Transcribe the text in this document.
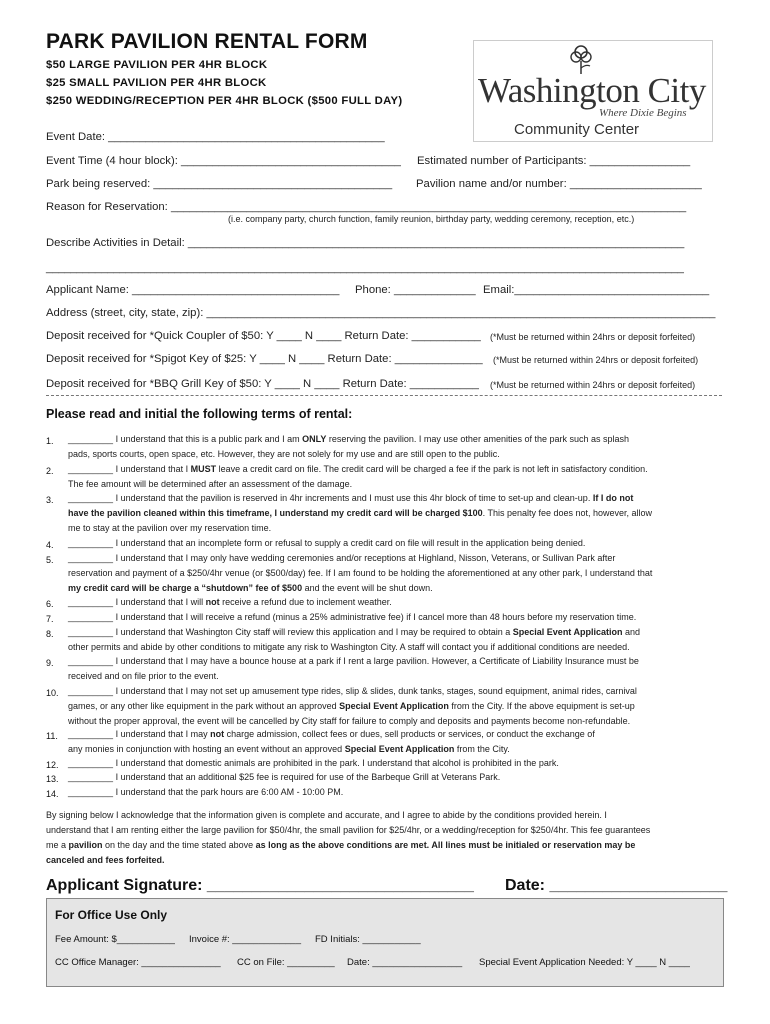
PARK PAVILION RENTAL FORM
$50 LARGE PAVILION PER 4HR BLOCK
$25 SMALL PAVILION PER 4HR BLOCK
$250 WEDDING/RECEPTION PER 4HR BLOCK ($500 FULL DAY) Washington City
Where Dixie Begins
Community Center
Event Date: ____________________________________________
Event Time (4 hour block): ___________________________________ Estimated number of Participants: ________________
Park being reserved: ______________________________________ Pavilion name and/or number: _____________________
Reason for Reservation: __________________________________________________________________________________
(i.e. company party, church function, family reunion, birthday party, wedding ceremony, reception, etc.)
Describe Activities in Detail: _______________________________________________________________________________
________________________________________________________________________________________________________
Applicant Name: _________________________________ Phone: _____________ Email:_______________________________
Address (street, city, state, zip): _________________________________________________________________________________
Deposit received for *Quick Coupler of $50: Y ____ N ____ Return Date: ___________ (*Must be returned within 24hrs or deposit forfeited)
Deposit received for *Spigot Key of $25: Y ____ N ____ Return Date: ______________ (*Must be returned within 24hrs or deposit forfeited)
Deposit received for *BBQ Grill Key of $50: Y ____ N ____ Return Date: ___________ (*Must be returned within 24hrs or deposit forfeited)
Please read and initial the following terms of rental:
1.	_________ I understand that this is a public park and I am ONLY reserving the pavilion. I may use other amenities of the park such as splash
pads, sports courts, open space, etc. However, they are not solely for my use and are still open to the public.
2.	_________ I understand that I MUST leave a credit card on file. The credit card will be charged a fee if the park is not left in satisfactory condition.
The fee amount will be determined after an assessment of the damage.
3.	_________ I understand that the pavilion is reserved in 4hr increments and I must use this 4hr block of time to set-up and clean-up. If I do not
have the pavilion cleaned within this timeframe, I understand my credit card will be charged $100. This penalty fee does not, however, allow
me to stay at the pavilion over my reservation time.
4.	_________ I understand that an incomplete form or refusal to supply a credit card on file will result in the application being denied.
5.	_________ I understand that I may only have wedding ceremonies and/or receptions at Highland, Nisson, Veterans, or Sullivan Park after
reservation and payment of a $250/4hr venue (or $500/day) fee. If I am found to be holding the aforementioned at any other park, I understand that
my credit card will be charge a “shutdown” fee of $500 and the event will be shut down.
6.	_________ I understand that I will not receive a refund due to inclement weather.
7.	_________ I understand that I will receive a refund (minus a 25% administrative fee) if I cancel more than 48 hours before my reservation time.
8.	_________ I understand that Washington City staff will review this application and I may be required to obtain a Special Event Application and
other permits and abide by other conditions to mitigate any risk to Washington City. A staff will contact you if additional conditions are needed.
9.	_________ I understand that I may have a bounce house at a park if I rent a large pavilion. However, a Certificate of Liability Insurance must be
received and on file prior to the event.
10.	_________ I understand that I may not set up amusement type rides, slip & slides, dunk tanks, stages, sound equipment, animal rides, carnival
games, or any other like equipment in the park without an approved Special Event Application from the City. If the above equipment is set-up
without the proper approval, the event will be cancelled by City staff for failure to comply and deposits and payments become non-refundable.
11.	_________ I understand that I may not charge admission, collect fees or dues, sell products or services, or conduct the exchange of
any monies in conjunction with hosting an event without an approved Special Event Application from the City.
12.	_________ I understand that domestic animals are prohibited in the park. I understand that alcohol is prohibited in the park.
13.	_________ I understand that an additional $25 fee is required for use of the Barbeque Grill at Veterans Park.
14.	_________ I understand that the park hours are 6:00 AM - 10:00 PM.
By signing below I acknowledge that the information given is complete and accurate, and I agree to abide by the conditions provided herein. I
understand that I am renting either the large pavilion for $50/4hr, the small pavilion for $25/4hr, or a wedding/reception for $250/4hr. This fee guarantees
me a pavilion on the day and the time stated above as long as the above conditions are met. All lines must be initialed or reservation may be
canceled and fees forfeited.
Applicant Signature: ______________________________ Date: ____________________
For Office Use Only
Fee Amount: $___________ Invoice #: _____________ FD Initials: ___________
CC Office Manager: _______________ CC on File: _________ Date: _________________ Special Event Application Needed: Y ____ N ____
